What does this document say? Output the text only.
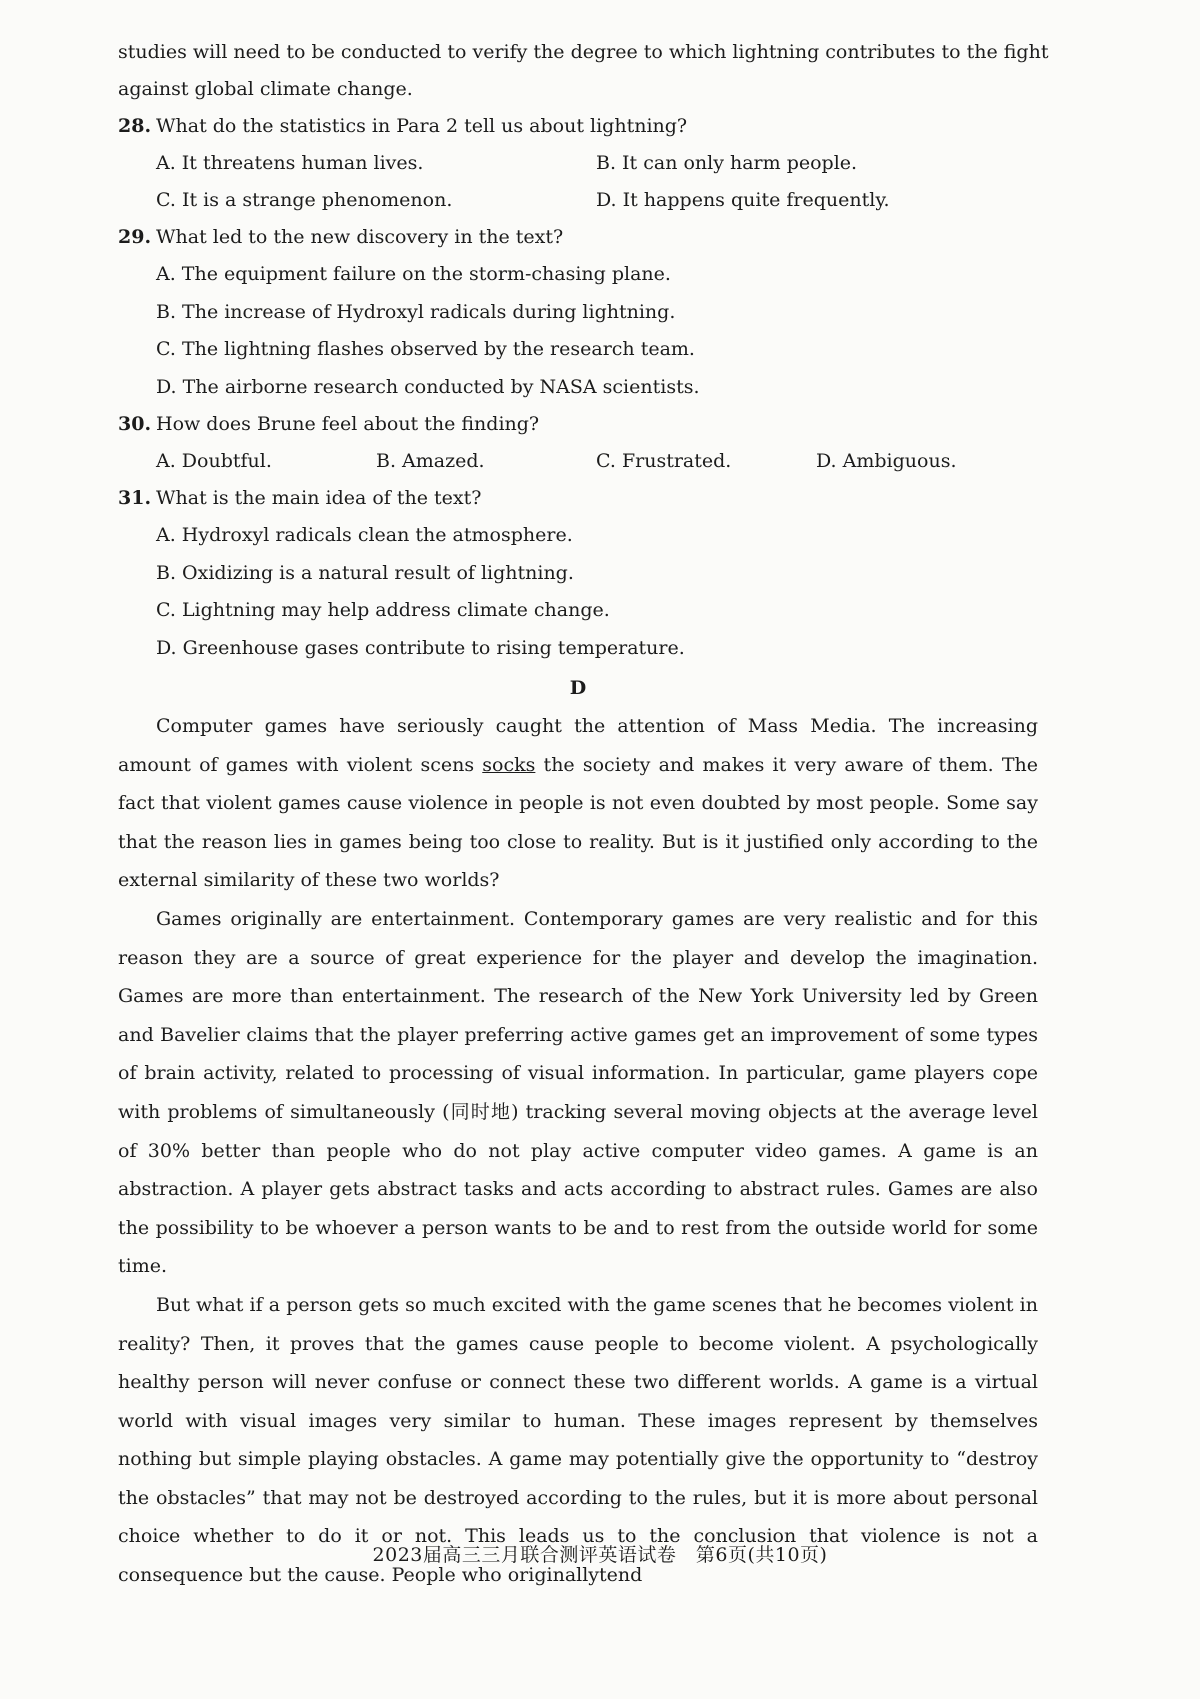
studies will need to be conducted to verify the degree to which lightning contributes to the fight
against global climate change.
28. What do the statistics in Para 2 tell us about lightning?
A. It threatens human lives.	B. It can only harm people.
C. It is a strange phenomenon.	D. It happens quite frequently.
29. What led to the new discovery in the text?
A. The equipment failure on the storm-chasing plane.
B. The increase of Hydroxyl radicals during lightning.
C. The lightning flashes observed by the research team.
D. The airborne research conducted by NASA scientists.
30. How does Brune feel about the finding?
A. Doubtful.	B. Amazed.	C. Frustrated.	D. Ambiguous.
31. What is the main idea of the text?
A. Hydroxyl radicals clean the atmosphere.
B. Oxidizing is a natural result of lightning.
C. Lightning may help address climate change.
D. Greenhouse gases contribute to rising temperature.
D

Computer games have seriously caught the attention of Mass Media. The increasing amount of games with violent scens socks the society and makes it very aware of them. The fact that violent games cause violence in people is not even doubted by most people. Some say that the reason lies in games being too close to reality. But is it justified only according to the external similarity of these two worlds?

Games originally are entertainment. Contemporary games are very realistic and for this reason they are a source of great experience for the player and develop the imagination. Games are more than entertainment. The research of the New York University led by Green and Bavelier claims that the player preferring active games get an improvement of some types of brain activity, related to processing of visual information. In particular, game players cope with problems of simultaneously (同时地) tracking several moving objects at the average level of 30% better than people who do not play active computer video games. A game is an abstraction. A player gets abstract tasks and acts according to abstract rules. Games are also the possibility to be whoever a person wants to be and to rest from the outside world for some time.

But what if a person gets so much excited with the game scenes that he becomes violent in reality? Then, it proves that the games cause people to become violent. A psychologically healthy person will never confuse or connect these two different worlds. A game is a virtual world with visual images very similar to human. These images represent by themselves nothing but simple playing obstacles. A game may potentially give the opportunity to “destroy the obstacles” that may not be destroyed according to the rules, but it is more about personal choice whether to do it or not. This leads us to the conclusion that violence is not a consequence but the cause. People who originallytend

2023届高三三月联合测评英语试卷　第6页(共10页)
